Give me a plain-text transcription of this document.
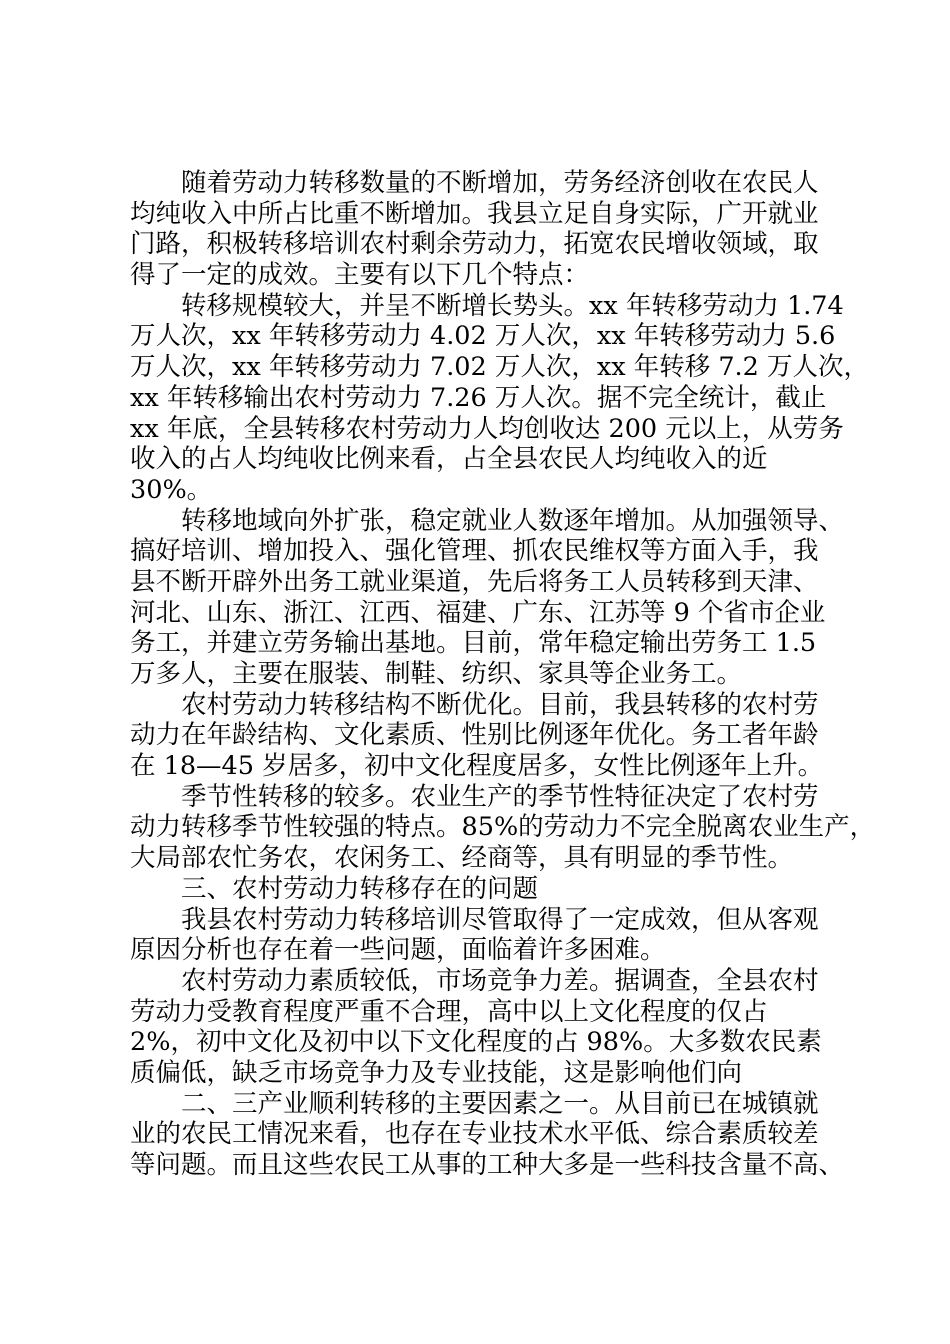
随着劳动力转移数量的不断增加，劳务经济创收在农民人
均纯收入中所占比重不断增加。我县立足自身实际，广开就业
门路，积极转移培训农村剩余劳动力，拓宽农民增收领域，取
得了一定的成效。主要有以下几个特点：
转移规模较大，并呈不断增长势头。xx 年转移劳动力 1.74
万人次，xx 年转移劳动力 4.02 万人次，xx 年转移劳动力 5.6
万人次，xx 年转移劳动力 7.02 万人次，xx 年转移 7.2 万人次，
xx 年转移输出农村劳动力 7.26 万人次。据不完全统计，截止
xx 年底，全县转移农村劳动力人均创收达 200 元以上，从劳务
收入的占人均纯收比例来看，占全县农民人均纯收入的近
30%。
转移地域向外扩张，稳定就业人数逐年增加。从加强领导、
搞好培训、增加投入、强化管理、抓农民维权等方面入手，我
县不断开辟外出务工就业渠道，先后将务工人员转移到天津、
河北、山东、浙江、江西、福建、广东、江苏等 9 个省市企业
务工，并建立劳务输出基地。目前，常年稳定输出劳务工 1.5
万多人，主要在服装、制鞋、纺织、家具等企业务工。
农村劳动力转移结构不断优化。目前，我县转移的农村劳
动力在年龄结构、文化素质、性别比例逐年优化。务工者年龄
在 18—45 岁居多，初中文化程度居多，女性比例逐年上升。
季节性转移的较多。农业生产的季节性特征决定了农村劳
动力转移季节性较强的特点。85%的劳动力不完全脱离农业生产，
大局部农忙务农，农闲务工、经商等，具有明显的季节性。
三、农村劳动力转移存在的问题
我县农村劳动力转移培训尽管取得了一定成效，但从客观
原因分析也存在着一些问题，面临着许多困难。
农村劳动力素质较低，市场竞争力差。据调查，全县农村
劳动力受教育程度严重不合理，高中以上文化程度的仅占
2%，初中文化及初中以下文化程度的占 98%。大多数农民素
质偏低，缺乏市场竞争力及专业技能，这是影响他们向
二、三产业顺利转移的主要因素之一。从目前已在城镇就
业的农民工情况来看，也存在专业技术水平低、综合素质较差
等问题。而且这些农民工从事的工种大多是一些科技含量不高、
